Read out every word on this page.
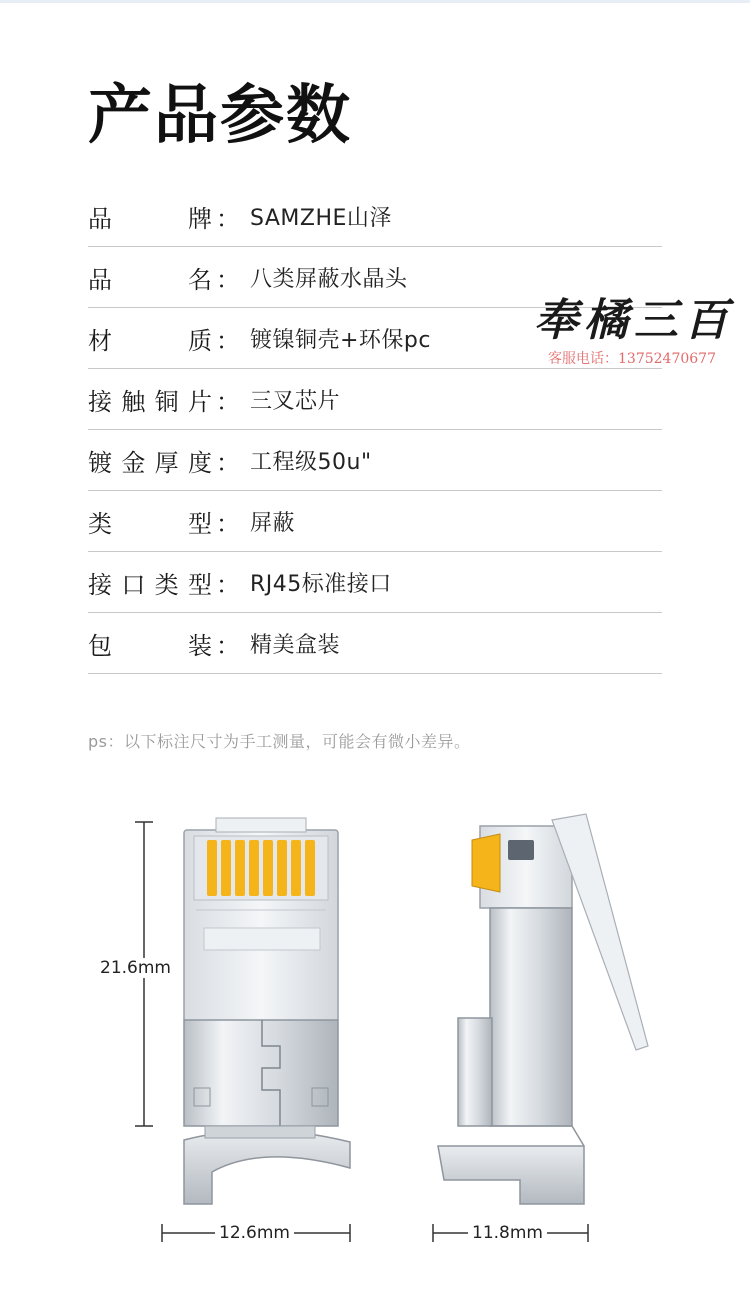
产品参数
品	牌 ： SAMZHE山泽
品	名 ： 八类屏蔽水晶头
材	质 ： 镀镍铜壳+环保pc
接 触 铜 片 ： 三叉芯片
镀 金 厚 度 ： 工程级50u"
类	型 ： 屏蔽
接 口 类 型 ： RJ45标准接口
包	装 ： 精美盒装
奉橘三百
客服电话：13752470677
ps：以下标注尺寸为手工测量，可能会有微小差异。
21.6mm
12.6mm	11.8mm
